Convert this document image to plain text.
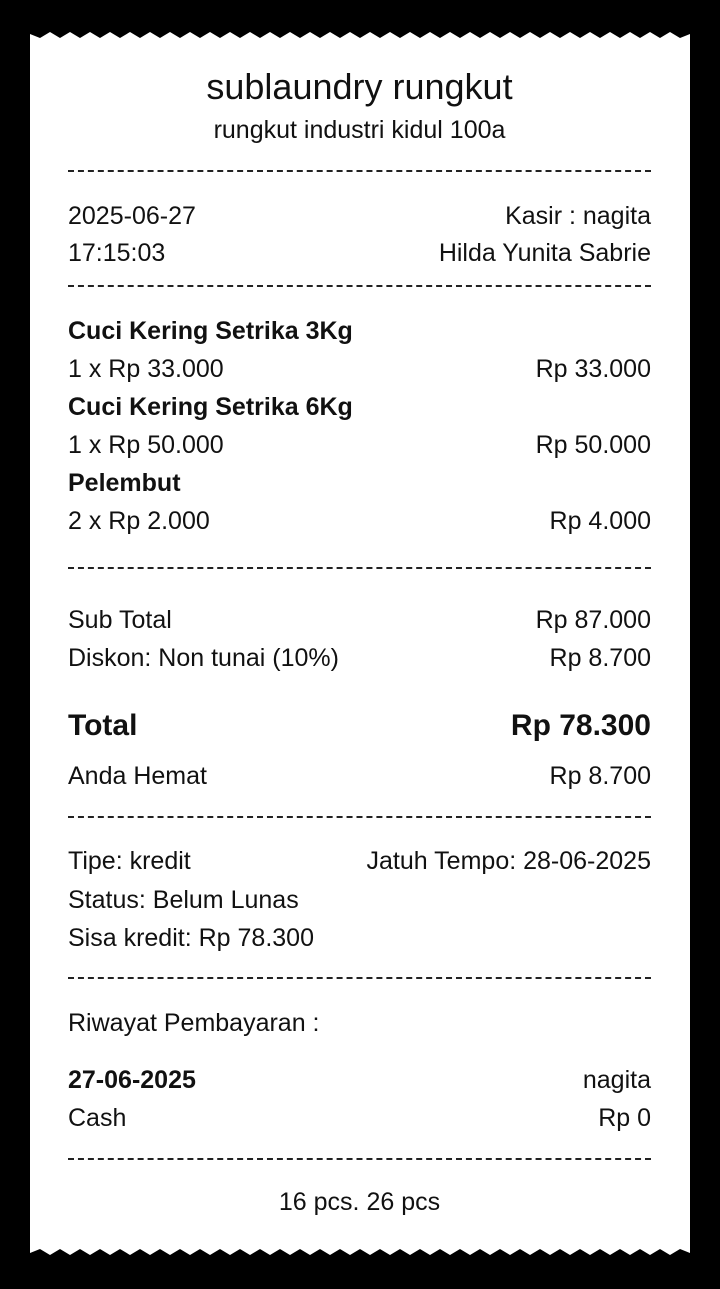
sublaundry rungkut
rungkut industri kidul 100a
2025-06-27	Kasir : nagita
17:15:03	Hilda Yunita Sabrie
Cuci Kering Setrika 3Kg
1 x Rp 33.000	Rp 33.000
Cuci Kering Setrika 6Kg
1 x Rp 50.000	Rp 50.000
Pelembut
2 x Rp 2.000	Rp 4.000
Sub Total	Rp 87.000
Diskon: Non tunai (10%)	Rp 8.700
Total	Rp 78.300
Anda Hemat	Rp 8.700
Tipe: kredit	Jatuh Tempo: 28-06-2025
Status: Belum Lunas
Sisa kredit: Rp 78.300
Riwayat Pembayaran :
27-06-2025	nagita
Cash	Rp 0
16 pcs. 26 pcs
